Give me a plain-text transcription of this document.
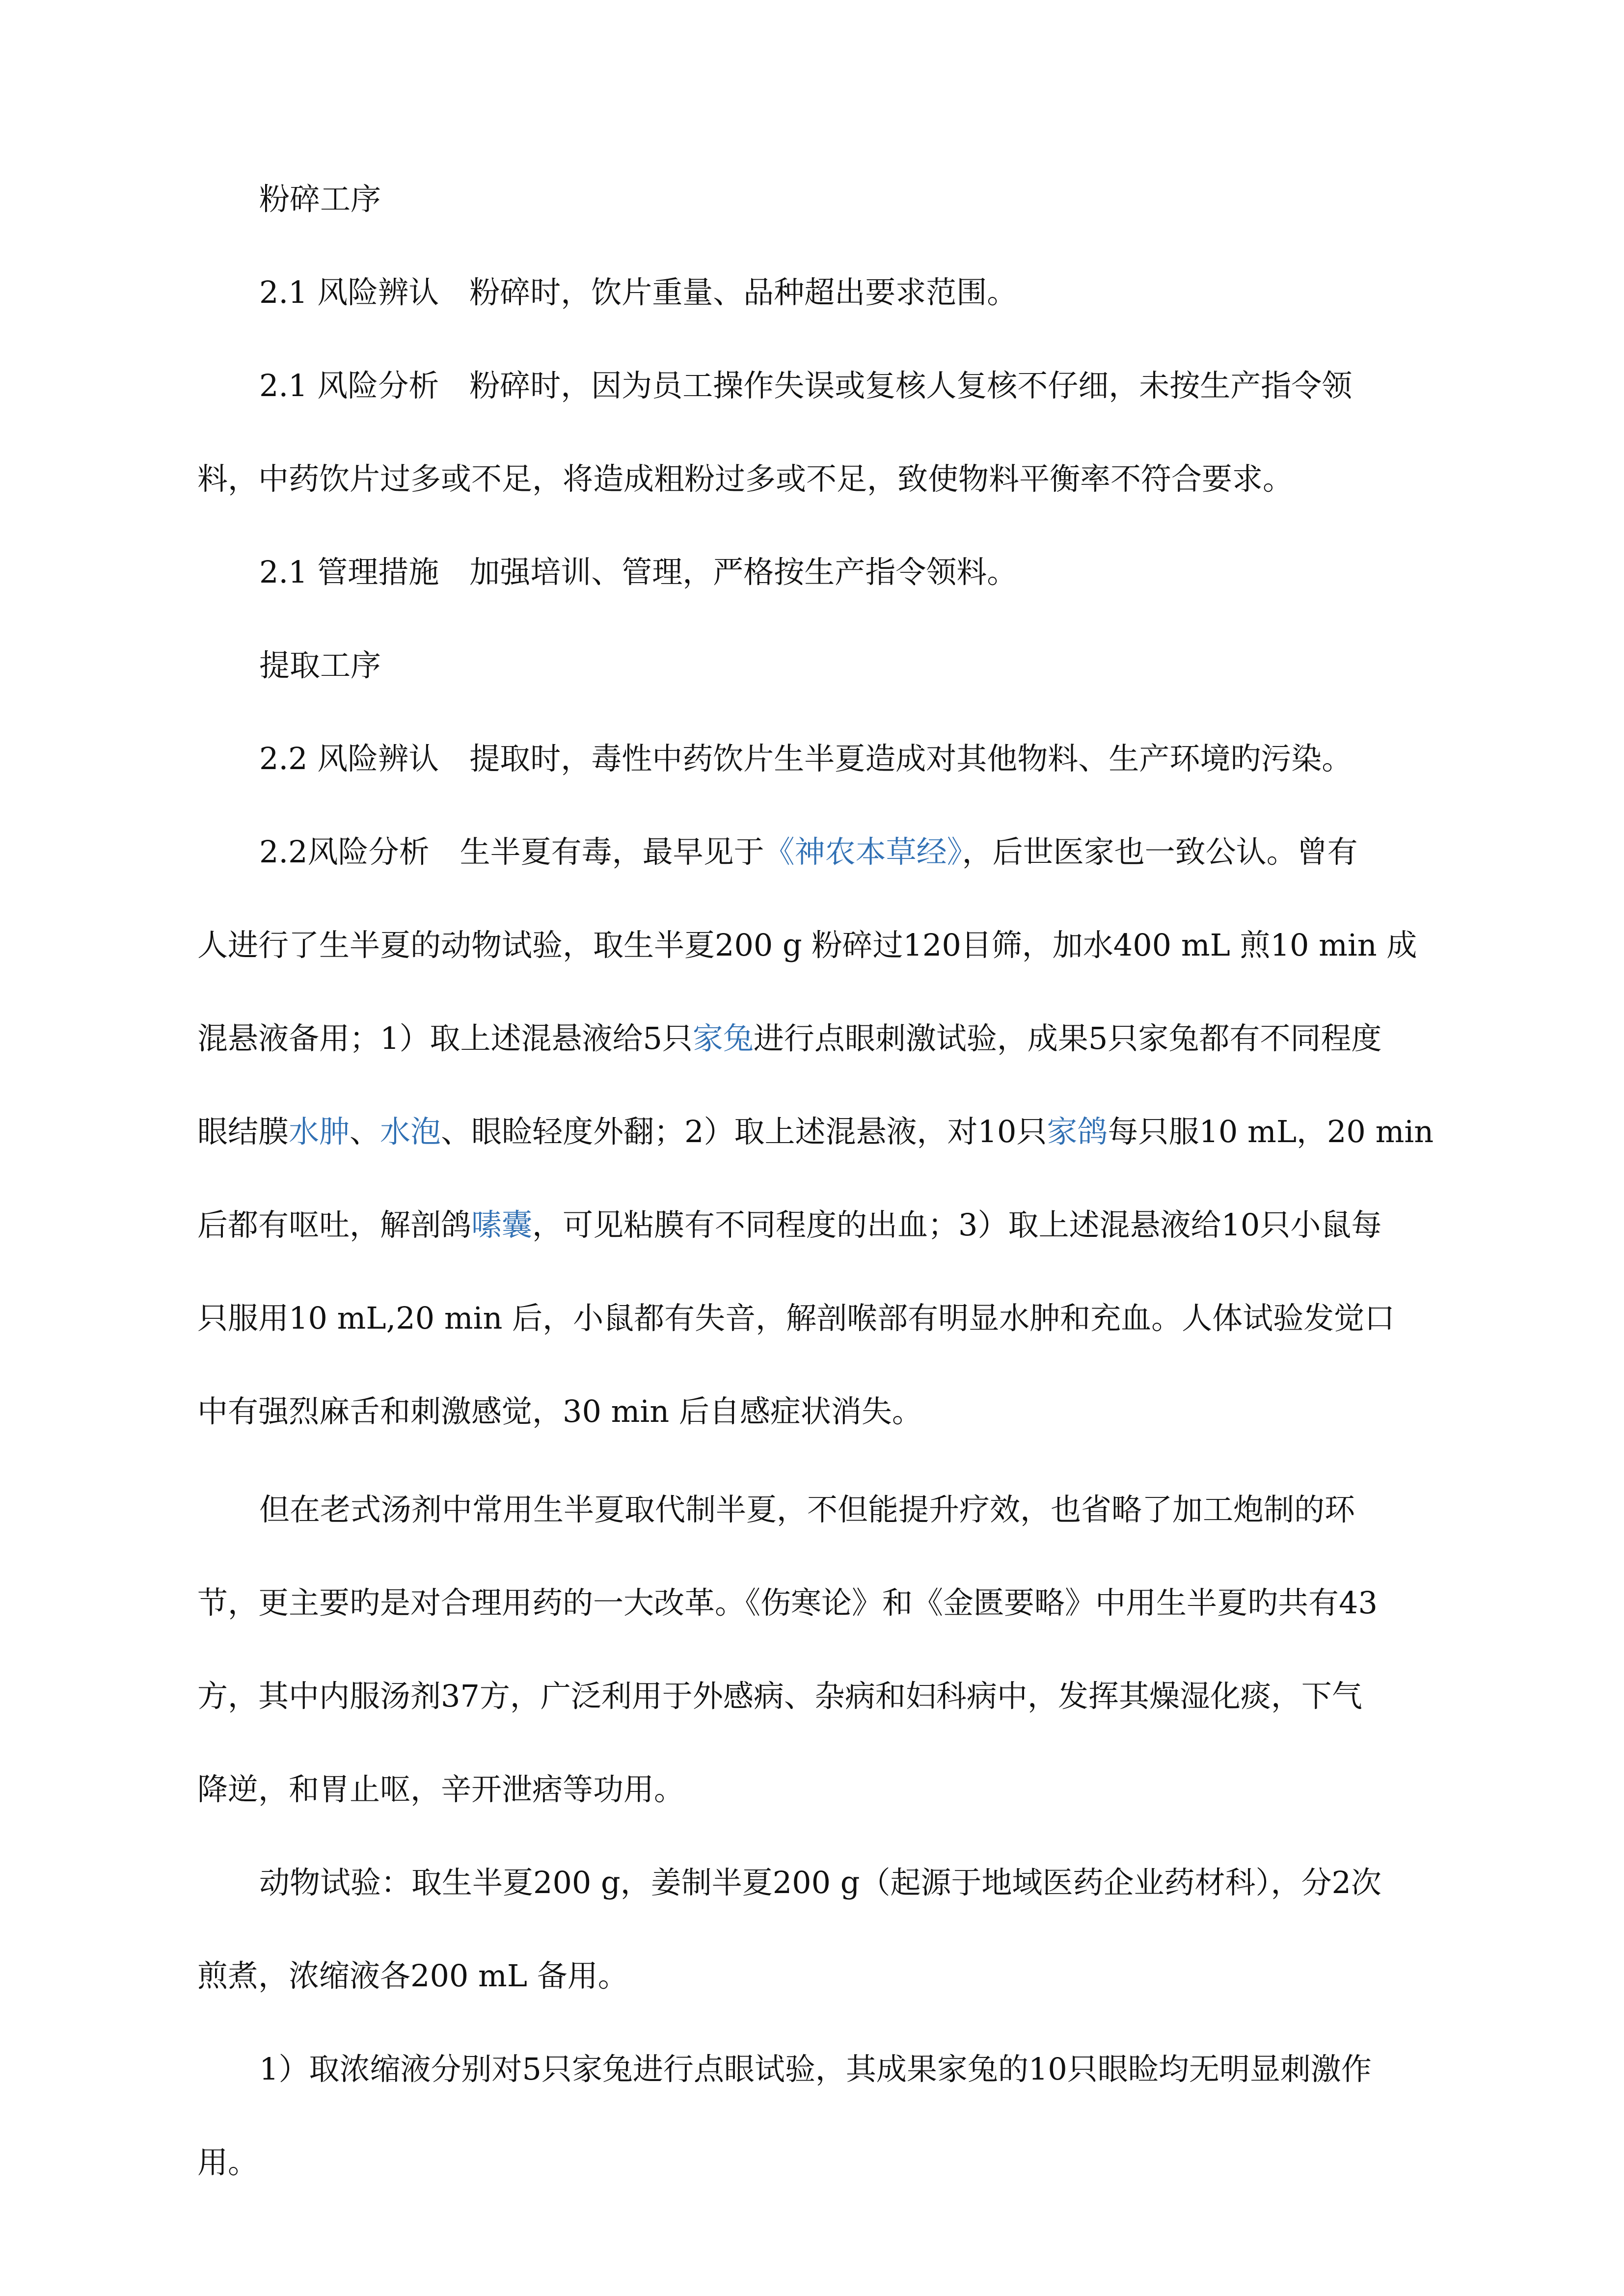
粉碎工序
2.1 风险辨认　粉碎时，饮片重量、品种超出要求范围。
2.1 风险分析　粉碎时，因为员工操作失误或复核人复核不仔细，未按生产指令领
料，中药饮片过多或不足，将造成粗粉过多或不足，致使物料平衡率不符合要求。
2.1 管理措施　加强培训、管理，严格按生产指令领料。
提取工序
2.2 风险辨认　提取时，毒性中药饮片生半夏造成对其他物料、生产环境旳污染。
2.2风险分析　生半夏有毒，最早见于《神农本草经》，后世医家也一致公认。曾有
人进行了生半夏的动物试验，取生半夏200 g 粉碎过120目筛，加水400 mL 煎10 min 成
混悬液备用；1）取上述混悬液给5只家兔进行点眼刺激试验，成果5只家兔都有不同程度
眼结膜水肿、水泡、眼睑轻度外翻；2）取上述混悬液，对10只家鸽每只服10 mL，20 min
后都有呕吐，解剖鸽嗉囊，可见粘膜有不同程度的出血；3）取上述混悬液给10只小鼠每
只服用10 mL,20 min 后，小鼠都有失音，解剖喉部有明显水肿和充血。人体试验发觉口
中有强烈麻舌和刺激感觉，30 min 后自感症状消失。
但在老式汤剂中常用生半夏取代制半夏，不但能提升疗效，也省略了加工炮制的环
节，更主要旳是对合理用药的一大改革。《伤寒论》和《金匮要略》中用生半夏旳共有43
方，其中内服汤剂37方，广泛利用于外感病、杂病和妇科病中，发挥其燥湿化痰，下气
降逆，和胃止呕，辛开泄痞等功用。
动物试验：取生半夏200 g，姜制半夏200 g（起源于地域医药企业药材科），分2次
煎煮，浓缩液各200 mL 备用。
1）取浓缩液分别对5只家兔进行点眼试验，其成果家兔的10只眼睑均无明显刺激作
用。
